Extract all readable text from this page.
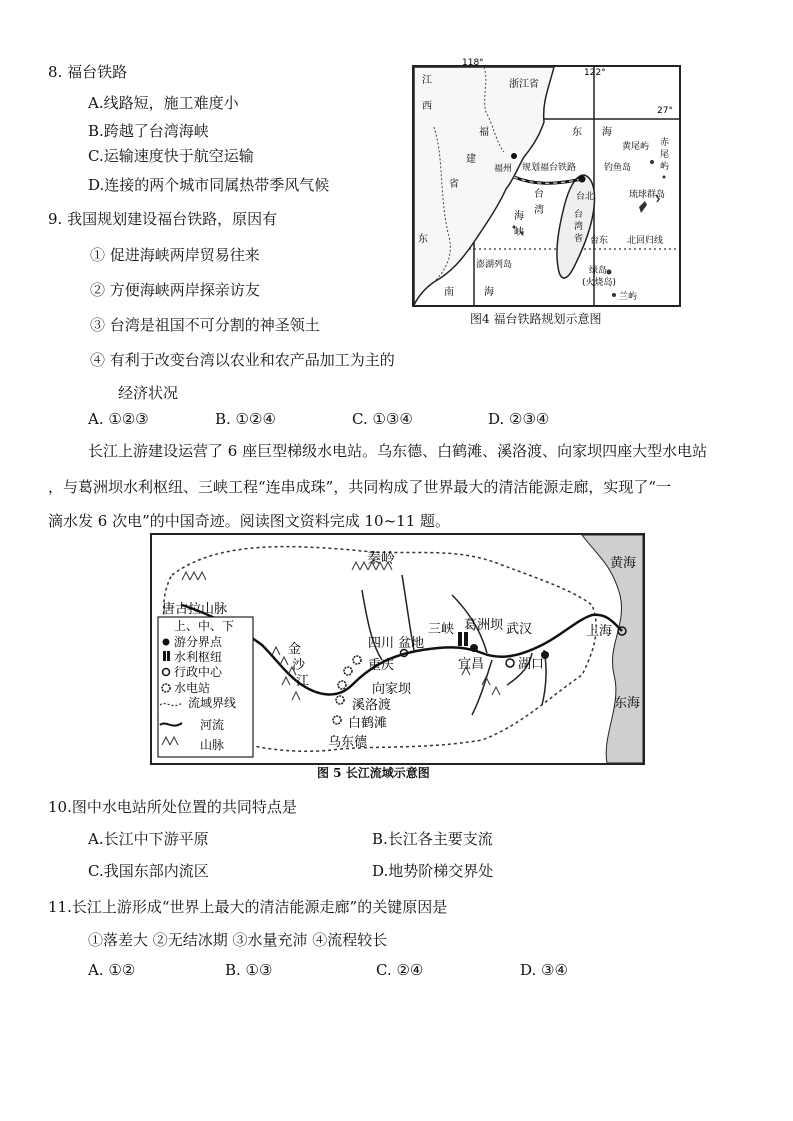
8. 福台铁路
A.线路短，施工难度小
B.跨越了台湾海峡
C.运输速度快于航空运输
D.连接的两个城市同属热带季风气候
9. 我国规划建设福台铁路，原因有
① 促进海峡两岸贸易往来
② 方便海峡两岸探亲访友
③ 台湾是祖国不可分割的神圣领土
④ 有利于改变台湾以农业和农产品加工为主的
经济状况
A. ①②③	B. ①②④	C. ①③④	D. ②③④
118°
122°
27°
江
西
浙江省
福
建
省
福州 规划福台铁路
东 海
黄尾屿 赤
尾
屿
钓鱼岛
台
湾
海
峡
台北	琉球群岛
东
台
湾
省 台东 北回归线
澎湖列岛
南	海
绿岛
(火烧岛)
兰屿
图4 福台铁路规划示意图
长江上游建设运营了 6 座巨型梯级水电站。乌东德、白鹤滩、溪洛渡、向家坝四座大型水电站
，与葛洲坝水利枢纽、三峡工程“连串成珠”，共同构成了世界最大的清洁能源走廊，实现了“一
滴水发 6 次电”的中国奇迹。阅读图文资料完成 10~11 题。
上、中、下
游分界点
水利枢纽
行政中心
水电站
流域界线
河流
山脉
秦岭
唐古拉山脉
黄海
东海
四川 盆地
三峡 葛洲坝 武汉
宜昌	湖口
上海
重庆
向家坝
溪洛渡
白鹤滩
乌东德
金
沙
江
图 5 长江流域示意图
10.图中水电站所处位置的共同特点是
A.长江中下游平原	B.长江各主要支流
C.我国东部内流区	D.地势阶梯交界处
11.长江上游形成“世界上最大的清洁能源走廊”的关键原因是
①落差大 ②无结冰期 ③水量充沛 ④流程较长
A. ①②	B. ①③	C. ②④	D. ③④
